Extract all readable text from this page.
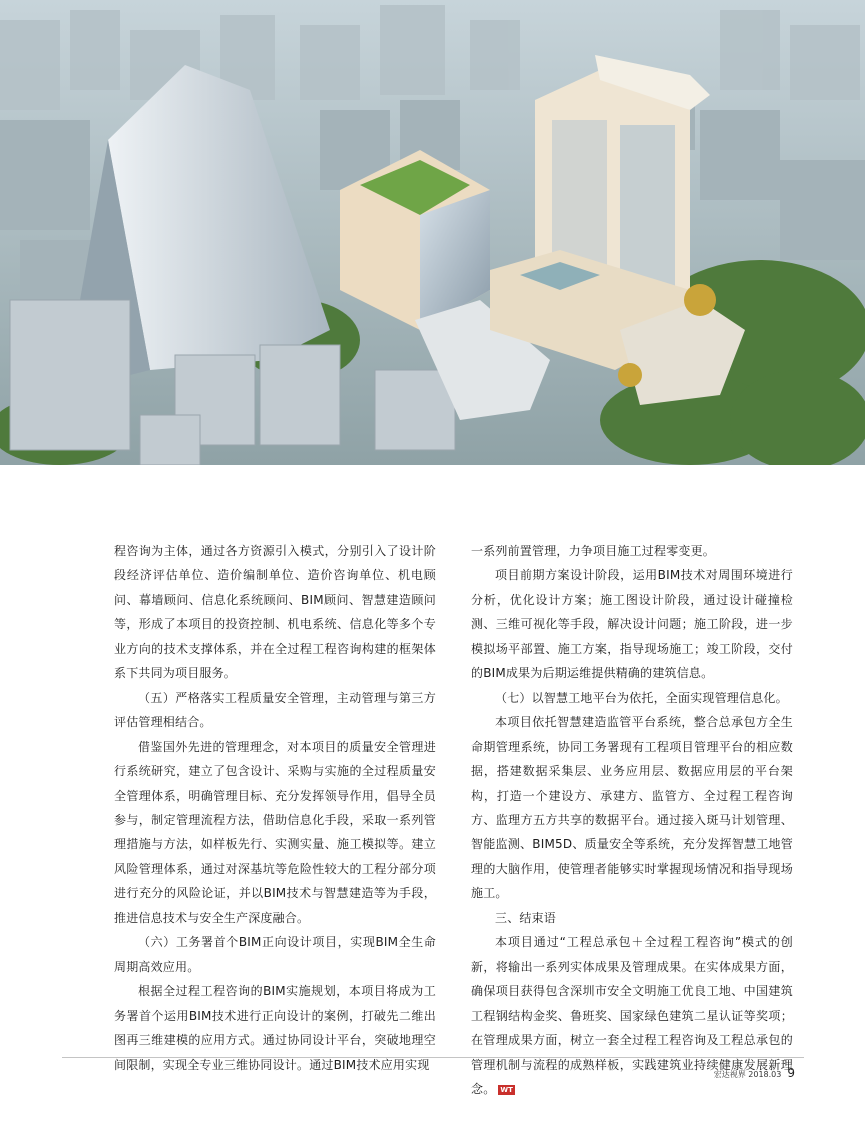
程咨询为主体，通过各方资源引入模式，分别引入了设计阶段经济评估单位、造价编制单位、造价咨询单位、机电顾问、幕墙顾问、信息化系统顾问、BIM顾问、智慧建造顾问等，形成了本项目的投资控制、机电系统、信息化等多个专业方向的技术支撑体系，并在全过程工程咨询构建的框架体系下共同为项目服务。

（五）严格落实工程质量安全管理，主动管理与第三方评估管理相结合。

借鉴国外先进的管理理念，对本项目的质量安全管理进行系统研究，建立了包含设计、采购与实施的全过程质量安全管理体系，明确管理目标、充分发挥领导作用，倡导全员参与，制定管理流程方法，借助信息化手段，采取一系列管理措施与方法，如样板先行、实测实量、施工模拟等。建立风险管理体系，通过对深基坑等危险性较大的工程分部分项进行充分的风险论证，并以BIM技术与智慧建造等为手段，推进信息技术与安全生产深度融合。

（六）工务署首个BIM正向设计项目，实现BIM全生命周期高效应用。

根据全过程工程咨询的BIM实施规划，本项目将成为工务署首个运用BIM技术进行正向设计的案例，打破先二维出图再三维建模的应用方式。通过协同设计平台，突破地理空间限制，实现全专业三维协同设计。通过BIM技术应用实现

一系列前置管理，力争项目施工过程零变更。

项目前期方案设计阶段，运用BIM技术对周围环境进行分析，优化设计方案；施工图设计阶段，通过设计碰撞检测、三维可视化等手段，解决设计问题；施工阶段，进一步模拟场平部置、施工方案，指导现场施工；竣工阶段，交付的BIM成果为后期运维提供精确的建筑信息。

（七）以智慧工地平台为依托，全面实现管理信息化。

本项目依托智慧建造监管平台系统，整合总承包方全生命期管理系统，协同工务署现有工程项目管理平台的相应数据，搭建数据采集层、业务应用层、数据应用层的平台架构，打造一个建设方、承建方、监管方、全过程工程咨询方、监理方五方共享的数据平台。通过接入斑马计划管理、智能监测、BIM5D、质量安全等系统，充分发挥智慧工地管理的大脑作用，使管理者能够实时掌握现场情况和指导现场施工。

三、结束语

本项目通过“工程总承包＋全过程工程咨询”模式的创新，将输出一系列实体成果及管理成果。在实体成果方面，确保项目获得包含深圳市安全文明施工优良工地、中国建筑工程钢结构金奖、鲁班奖、国家绿色建筑二星认证等奖项；在管理成果方面，树立一套全过程工程咨询及工程总承包的管理机制与流程的成熟样板，实践建筑业持续健康发展新理念。 WT

宏达视界 2018.03 9
